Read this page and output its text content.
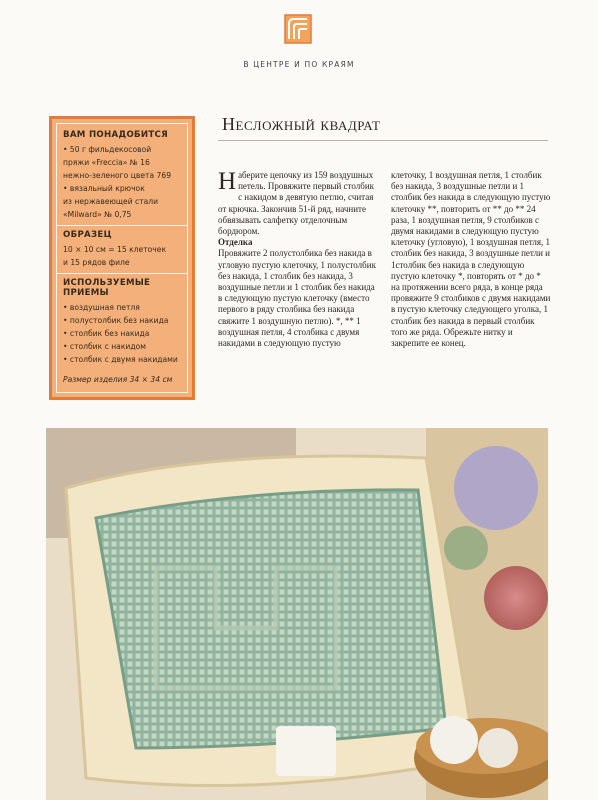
В ЦЕНТРЕ И ПО КРАЯМ
ВАМ ПОНАДОБИТСЯ
• 50 г фильдекосовой
пряжи «Freccia» № 16
нежно-зеленого цвета 769
• вязальный крючок
из нержавеющей стали
«Milward» № 0,75
ОБРАЗЕЦ
10 × 10 см = 15 клеточек
и 15 рядов филе
ИСПОЛЬЗУЕМЫЕ ПРИЕМЫ
• воздушная петля
• полустолбик без накида
• столбик без накида
• столбик с накидом
• столбик с двумя накидами
Размер изделия 34 × 34 см
Несложный квадрат

Наберите цепочку из 159 воздушных петель. Провяжите первый столбик с накидом в девятую петлю, считая от крючка. Закончив 51-й ряд, начните обвязывать салфетку отделочным бордюром.

Отделка

Провяжите 2 полустолбика без накида в угловую пустую клеточку, 1 полустолбик без накида, 1 столбик без накида, 3 воздушные петли и 1 столбик без накида в следующую пустую клеточку (вместо первого в ряду столбика без накида свяжите 1 воздушную петлю). *, ** 1 воздушная петля, 4 столбика с двумя накидами в следующую пустую

клеточку, 1 воздушная петля, 1 столбик без накида, 3 воздушные петли и 1 столбик без накида в следующую пустую клеточку **, повторить от ** до ** 24 раза, 1 воздушная петля, 9 столбиков с двумя накидами в следующую пустую клеточку (угловую), 1 воздушная петля, 1 столбик без накида, 3 воздушные петли и 1столбик без накида в следующую пустую клеточку *, повторять от * до * на протяжении всего ряда, в конце ряда провяжите 9 столбиков с двумя накидами в пустую клеточку следующего уголка, 1 столбик без накида в первый столбик того же ряда. Обрежьте нитку и закрепите ее конец.
